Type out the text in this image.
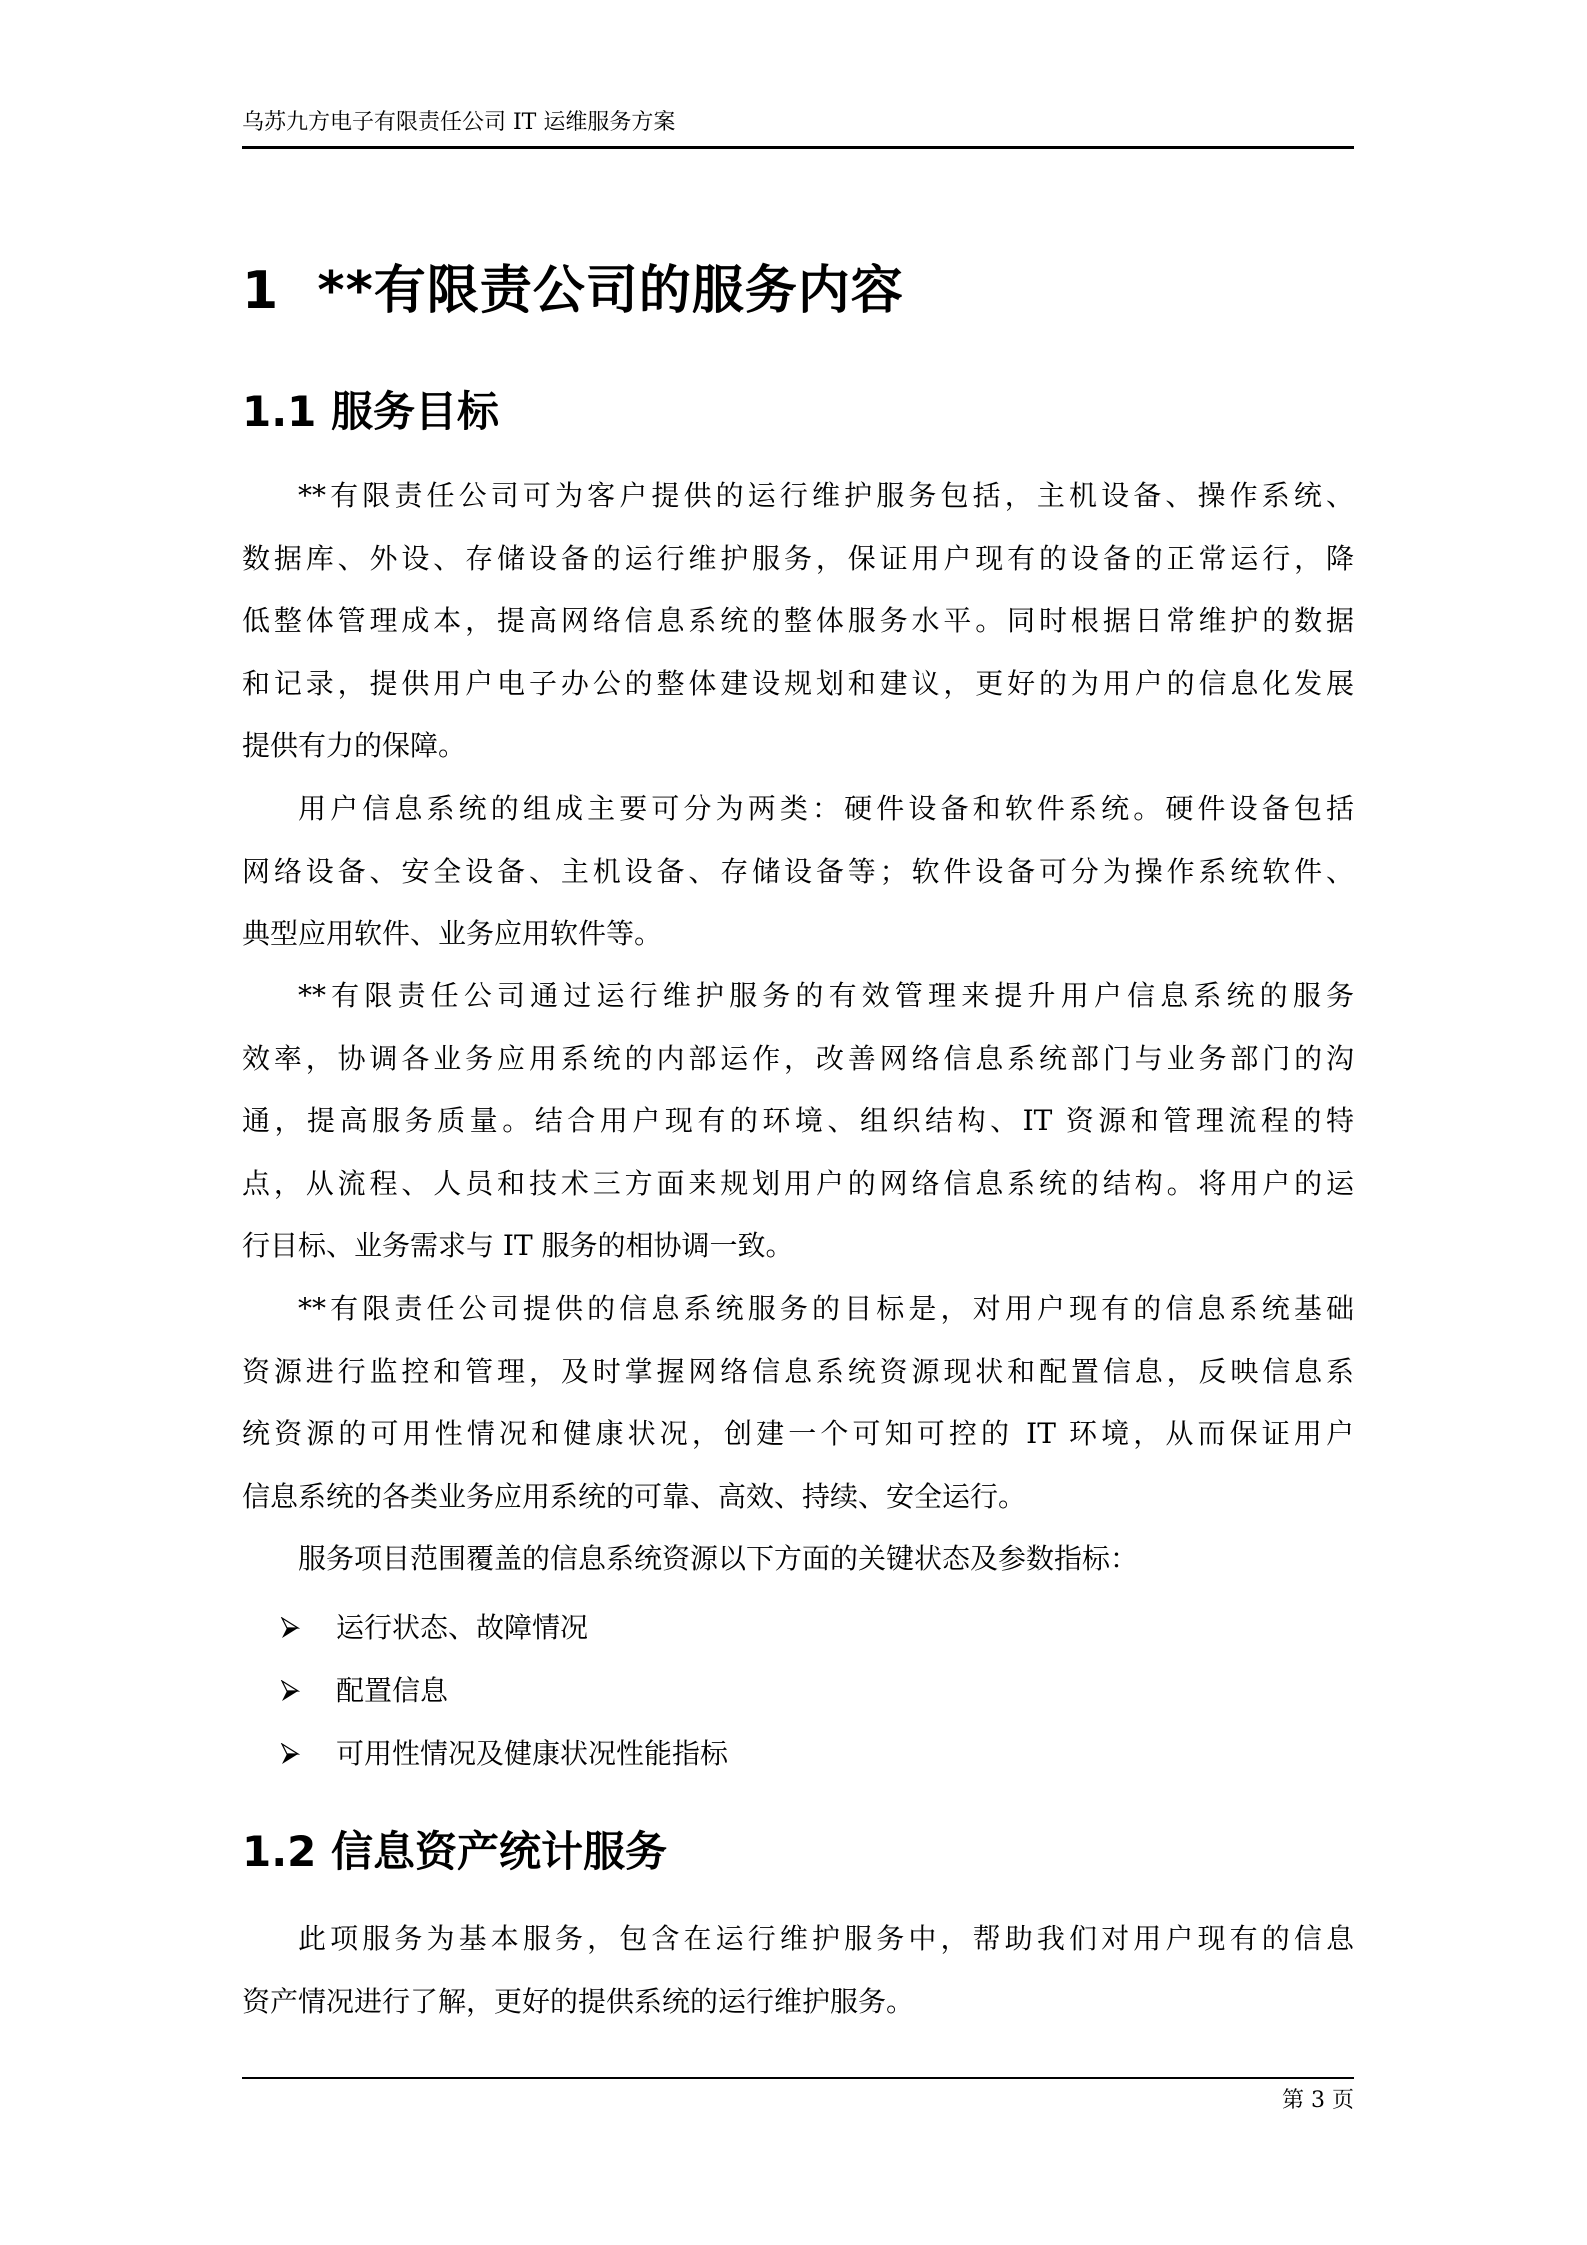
乌苏九方电子有限责任公司 IT 运维服务方案
1  **有限责公司的服务内容
1.1 服务目标
**有限责任公司可为客户提供的运行维护服务包括，主机设备、操作系统、
数据库、外设、存储设备的运行维护服务，保证用户现有的设备的正常运行，降
低整体管理成本，提高网络信息系统的整体服务水平。同时根据日常维护的数据
和记录，提供用户电子办公的整体建设规划和建议，更好的为用户的信息化发展
提供有力的保障。
用户信息系统的组成主要可分为两类：硬件设备和软件系统。硬件设备包括
网络设备、安全设备、主机设备、存储设备等；软件设备可分为操作系统软件、
典型应用软件、业务应用软件等。
**有限责任公司通过运行维护服务的有效管理来提升用户信息系统的服务
效率，协调各业务应用系统的内部运作，改善网络信息系统部门与业务部门的沟
通，提高服务质量。结合用户现有的环境、组织结构、IT 资源和管理流程的特
点，从流程、人员和技术三方面来规划用户的网络信息系统的结构。将用户的运
行目标、业务需求与 IT 服务的相协调一致。
**有限责任公司提供的信息系统服务的目标是，对用户现有的信息系统基础
资源进行监控和管理，及时掌握网络信息系统资源现状和配置信息，反映信息系
统资源的可用性情况和健康状况，创建一个可知可控的 IT 环境，从而保证用户
信息系统的各类业务应用系统的可靠、高效、持续、安全运行。
服务项目范围覆盖的信息系统资源以下方面的关键状态及参数指标：
运行状态、故障情况
配置信息
可用性情况及健康状况性能指标
1.2 信息资产统计服务
此项服务为基本服务，包含在运行维护服务中，帮助我们对用户现有的信息
资产情况进行了解，更好的提供系统的运行维护服务。
第 3 页
